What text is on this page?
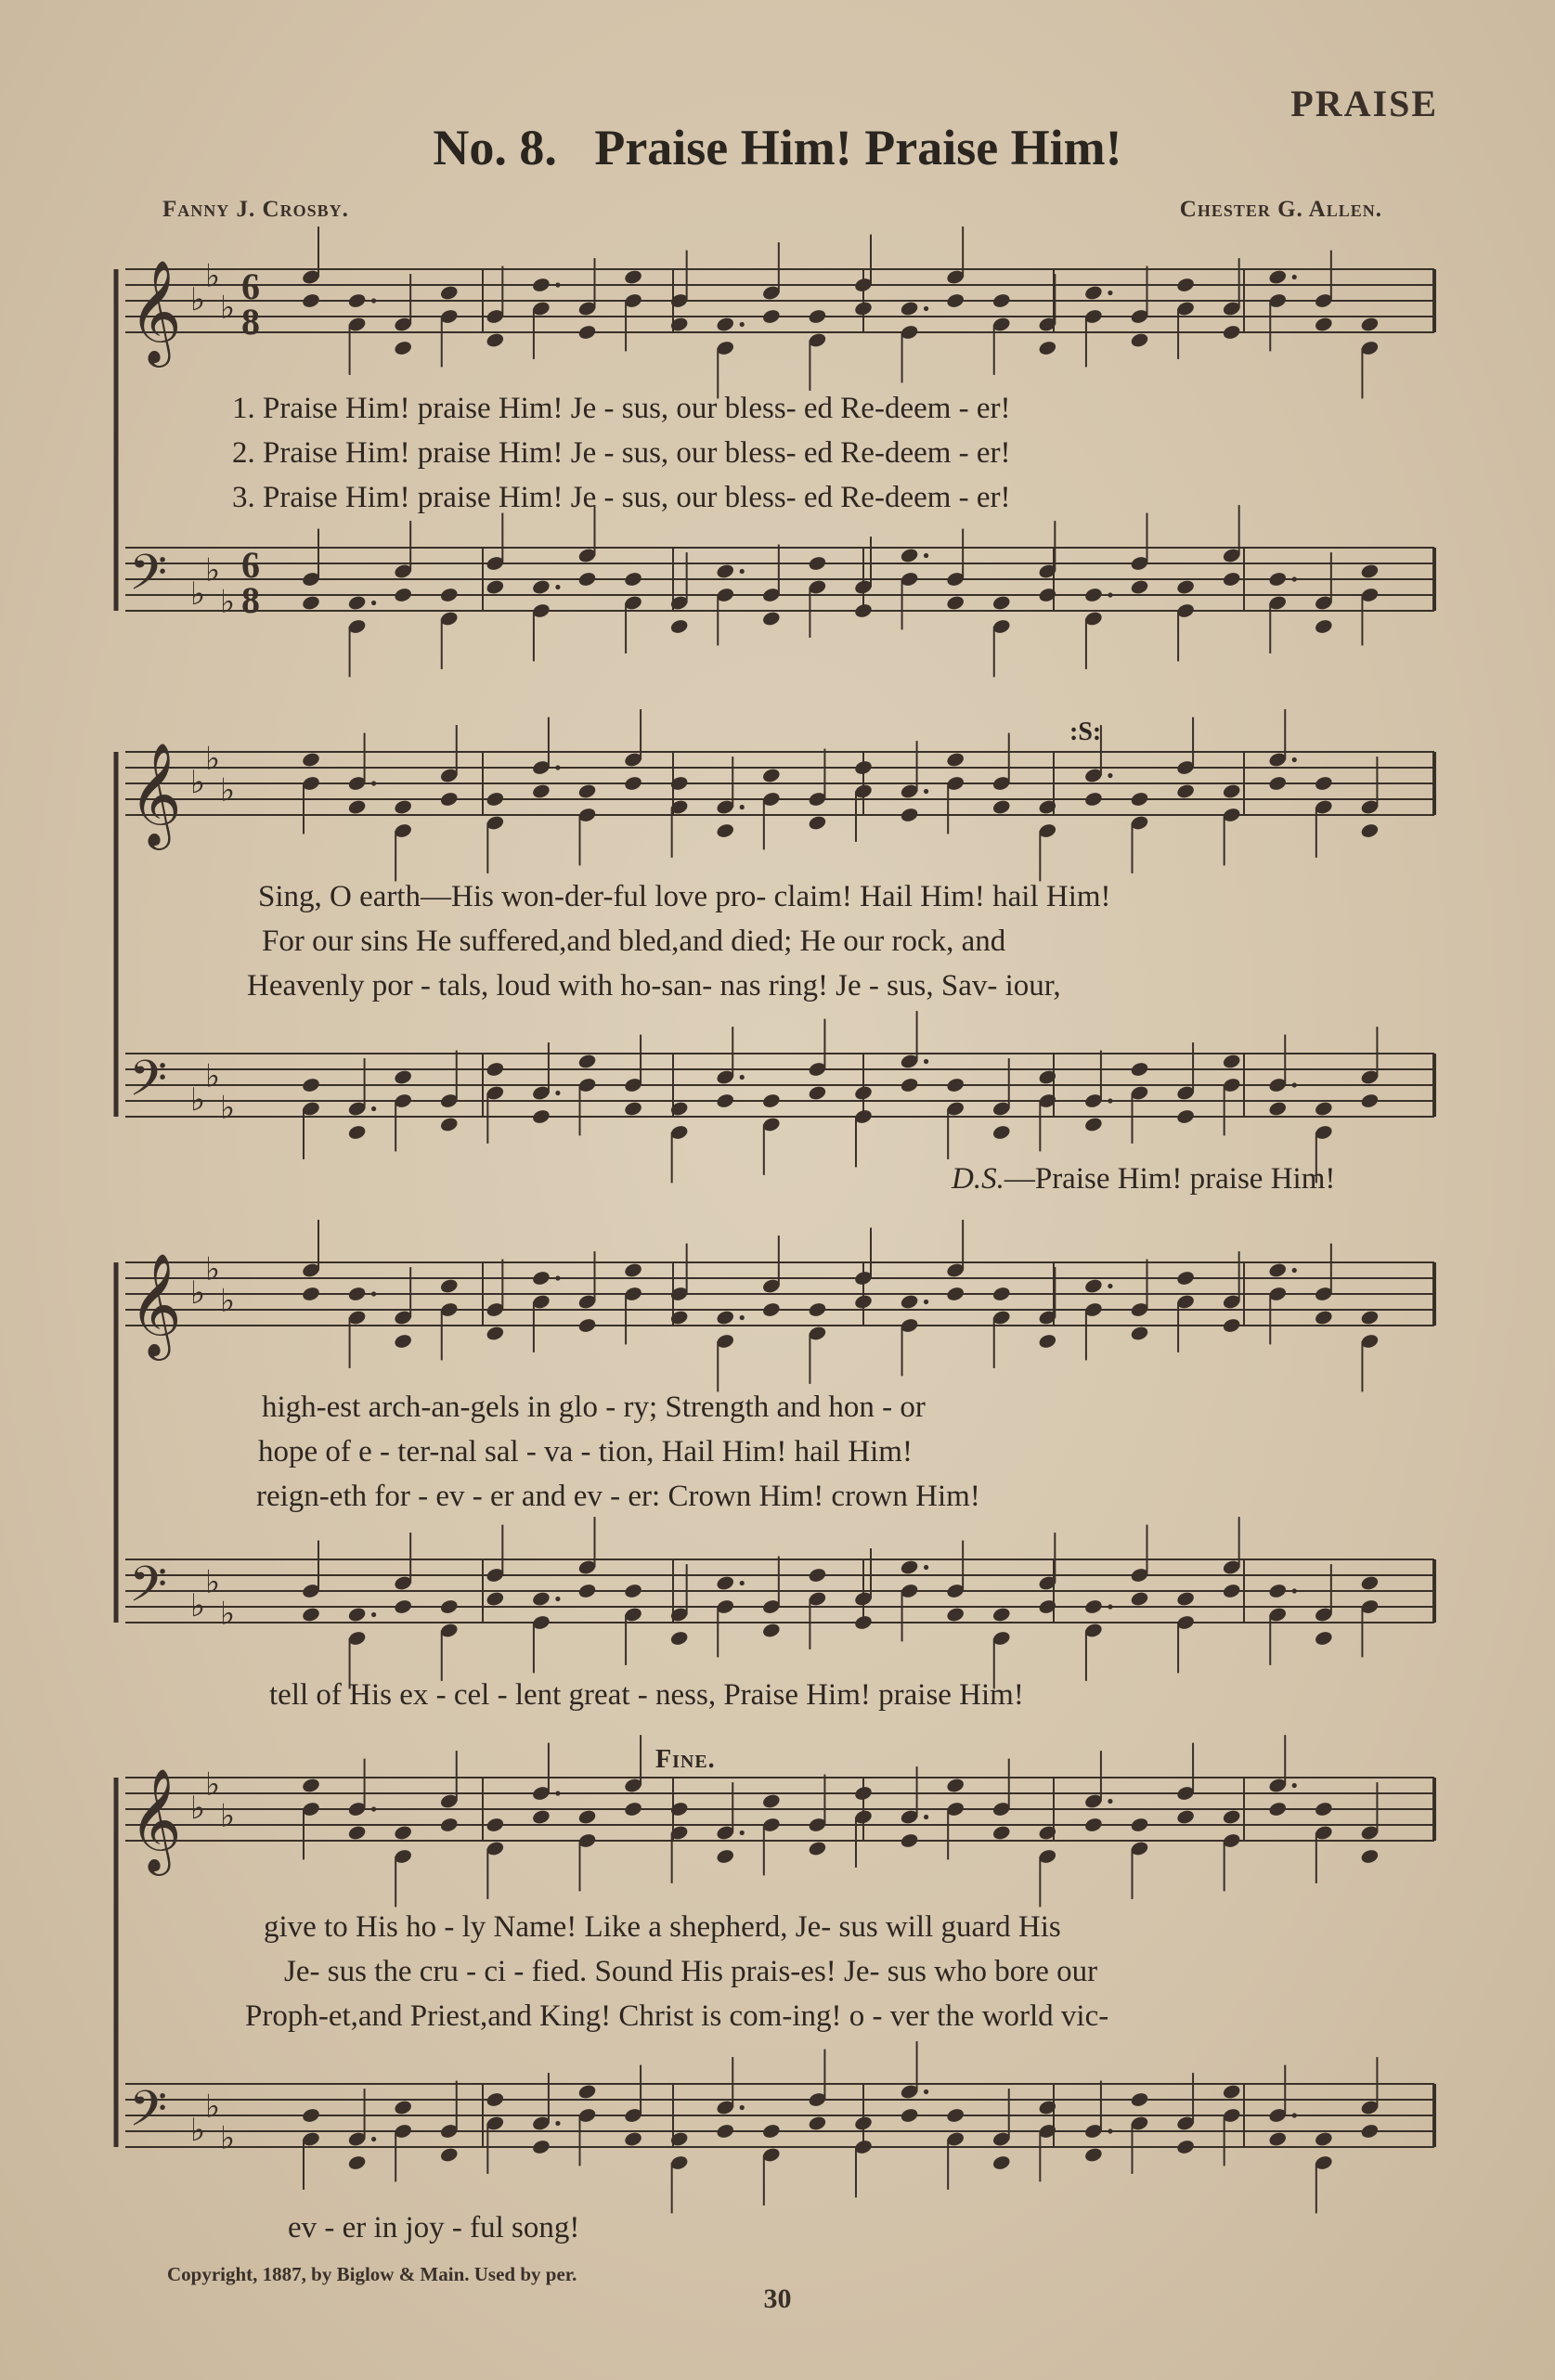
PRAISE
No. 8. Praise Him! Praise Him!
Fanny J. Crosby.	Chester G. Allen.
𝄞 ♭
♭
♭
𝄢 ♭
♭
♭
6
8
6
8
𝄞 ♭
♭
♭
𝄢 ♭
♭
♭
𝄞 ♭
♭
♭
𝄢 ♭
♭
♭
𝄞 ♭
♭
♭
𝄢 ♭
♭
♭
1. Praise Him! praise Him! Je - sus, our bless- ed Re-deem - er!
2. Praise Him! praise Him! Je - sus, our bless- ed Re-deem - er!
3. Praise Him! praise Him! Je - sus, our bless- ed Re-deem - er!
Sing, O earth—His won-der-ful love pro- claim! Hail Him! hail Him!
For our sins He suffered,and bled,and died; He our rock, and
Heavenly por - tals, loud with ho-san- nas ring! Je - sus, Sav- iour,
D.S.—Praise Him! praise Him!
:S:
high-est arch-an-gels in glo - ry; Strength and hon - or
hope of e - ter-nal sal - va - tion, Hail Him! hail Him!
reign-eth for - ev - er and ev - er: Crown Him! crown Him!
tell of His ex - cel - lent great - ness, Praise Him! praise Him!
Fine.
give to His ho - ly Name! Like a shepherd, Je- sus will guard His
Je- sus the cru - ci - fied. Sound His prais-es! Je- sus who bore our
Proph-et,and Priest,and King! Christ is com-ing! o - ver the world vic-
ev - er in joy - ful song!
Copyright, 1887, by Biglow & Main. Used by per.
30
